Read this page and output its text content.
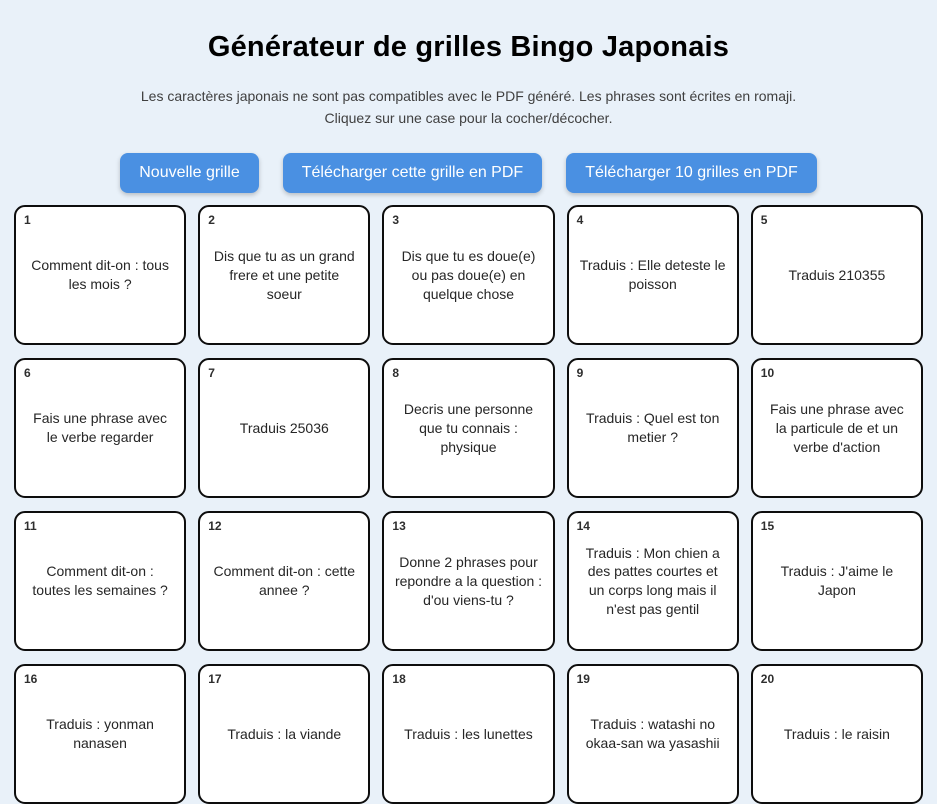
Générateur de grilles Bingo Japonais
Les caractères japonais ne sont pas compatibles avec le PDF généré. Les phrases sont écrites en romaji.
Cliquez sur une case pour la cocher/décocher.
Nouvelle grille	Télécharger cette grille en PDF	Télécharger 10 grilles en PDF
1
Comment dit-on : tous les mois ?
2
Dis que tu as un grand frere et une petite soeur
3
Dis que tu es doue(e) ou pas doue(e) en quelque chose
4
Traduis : Elle deteste le poisson
5
Traduis 210355
6
Fais une phrase avec le verbe regarder
7
Traduis 25036
8
Decris une personne que tu connais : physique
9
Traduis : Quel est ton metier ?
10
Fais une phrase avec la particule de et un verbe d'action
11
Comment dit-on : toutes les semaines ?
12
Comment dit-on : cette annee ?
13
Donne 2 phrases pour repondre a la question : d'ou viens-tu ?
14
Traduis : Mon chien a des pattes courtes et un corps long mais il n'est pas gentil
15
Traduis : J'aime le Japon
16
Traduis : yonman nanasen
17
Traduis : la viande
18
Traduis : les lunettes
19
Traduis : watashi no okaa-san wa yasashii
20
Traduis : le raisin
